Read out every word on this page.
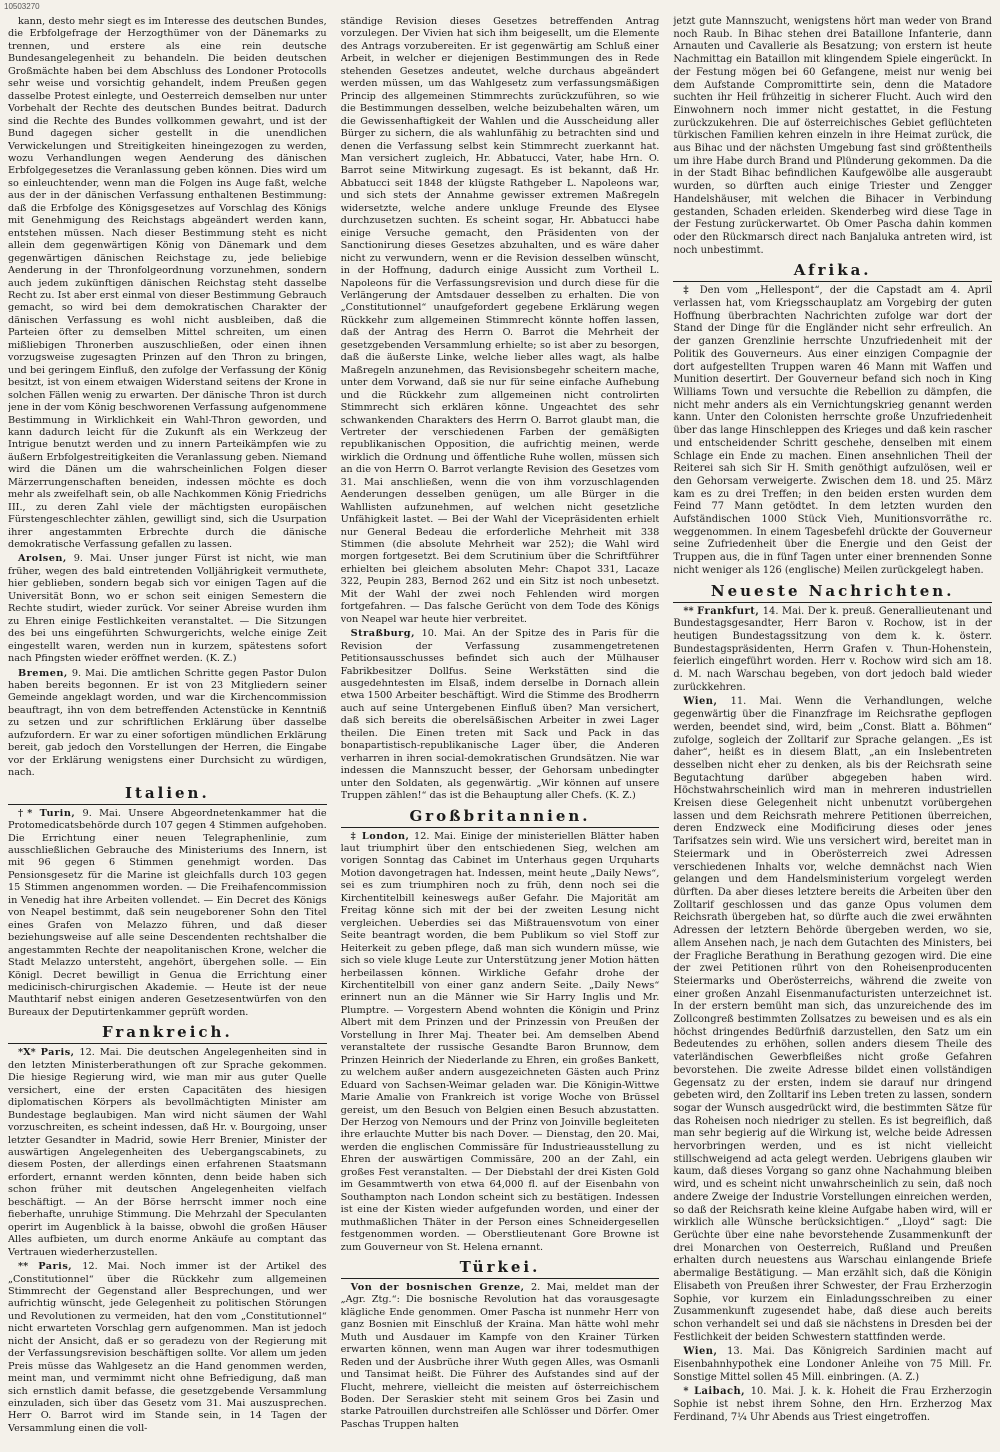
10503270

kann, desto mehr siegt es im Interesse des deutschen Bundes, die Erbfolgefrage der Herzogthümer von der Dänemarks zu trennen, und erstere als eine rein deutsche Bundesangelegenheit zu behandeln. Die beiden deutschen Großmächte haben bei dem Abschluss des Londoner Protocolls sehr weise und vorsichtig gehandelt, indem Preußen gegen dasselbe Protest einlegte, und Oesterreich demselben nur unter Vorbehalt der Rechte des deutschen Bundes beitrat. Dadurch sind die Rechte des Bundes vollkommen gewahrt, und ist der Bund dagegen sicher gestellt in die unendlichen Verwickelungen und Streitigkeiten hineingezogen zu werden, wozu Verhandlungen wegen Aenderung des dänischen Erbfolgegesetzes die Veranlassung geben können. Dies wird um so einleuchtender, wenn man die Folgen ins Auge faßt, welche aus der in der dänischen Verfassung enthaltenen Bestimmung: daß die Erbfolge des Königsgesetzes auf Vorschlag des Königs mit Genehmigung des Reichstags abgeändert werden kann, entstehen müssen. Nach dieser Bestimmung steht es nicht allein dem gegenwärtigen König von Dänemark und dem gegenwärtigen dänischen Reichstage zu, jede beliebige Aenderung in der Thronfolgeordnung vorzunehmen, sondern auch jedem zukünftigen dänischen Reichstag steht dasselbe Recht zu. Ist aber erst einmal von dieser Bestimmung Gebrauch gemacht, so wird bei dem demokratischen Charakter der dänischen Verfassung es wohl nicht ausbleiben, daß die Parteien öfter zu demselben Mittel schreiten, um einen mißliebigen Thronerben auszuschließen, oder einen ihnen vorzugsweise zugesagten Prinzen auf den Thron zu bringen, und bei geringem Einfluß, den zufolge der Verfassung der König besitzt, ist von einem etwaigen Widerstand seitens der Krone in solchen Fällen wenig zu erwarten. Der dänische Thron ist durch jene in der vom König beschworenen Verfassung aufgenommene Bestimmung in Wirklichkeit ein Wahl-Thron geworden, und kann dadurch leicht für die Zukunft als ein Werkzeug der Intrigue benutzt werden und zu innern Parteikämpfen wie zu äußern Erbfolgestreitigkeiten die Veranlassung geben. Niemand wird die Dänen um die wahrscheinlichen Folgen dieser Märzerrungenschaften beneiden, indessen möchte es doch mehr als zweifelhaft sein, ob alle Nachkommen König Friedrichs III., zu deren Zahl viele der mächtigsten europäischen Fürstengeschlechter zählen, gewilligt sind, sich die Usurpation ihrer angestammten Erbrechte durch die dänische demokratische Verfassung gefallen zu lassen.

Arolsen, 9. Mai. Unser junger Fürst ist nicht, wie man früher, wegen des bald eintretenden Volljährigkeit vermuthete, hier geblieben, sondern begab sich vor einigen Tagen auf die Universität Bonn, wo er schon seit einigen Semestern die Rechte studirt, wieder zurück. Vor seiner Abreise wurden ihm zu Ehren einige Festlichkeiten veranstaltet. — Die Sitzungen des bei uns eingeführten Schwurgerichts, welche einige Zeit eingestellt waren, werden nun in kurzem, spätestens sofort nach Pfingsten wieder eröffnet werden. (K. Z.)

Bremen, 9. Mai. Die amtlichen Schritte gegen Pastor Dulon haben bereits begonnen. Er ist von 23 Mitgliedern seiner Gemeinde angeklagt worden, und war die Kirchencommission beauftragt, ihn von dem betreffenden Actenstücke in Kenntniß zu setzen und zur schriftlichen Erklärung über dasselbe aufzufordern. Er war zu einer sofortigen mündlichen Erklärung bereit, gab jedoch den Vorstellungen der Herren, die Eingabe vor der Erklärung wenigstens einer Durchsicht zu würdigen, nach.

Italien.

†* Turin, 9. Mai. Unsere Abgeordnetenkammer hat die Protomedicatsbehörde durch 107 gegen 4 Stimmen aufgehoben. Die Errichtung einer neuen Telegraphenlinie, zum ausschließlichen Gebrauche des Ministeriums des Innern, ist mit 96 gegen 6 Stimmen genehmigt worden. Das Pensionsgesetz für die Marine ist gleichfalls durch 103 gegen 15 Stimmen angenommen worden. — Die Freihafencommission in Venedig hat ihre Arbeiten vollendet. — Ein Decret des Königs von Neapel bestimmt, daß sein neugeborener Sohn den Titel eines Grafen von Melazzo führen, und daß dieser beziehungsweise auf alle seine Descendenten rechtshalber die angestammten Rechte der neapolitanischen Krone, welcher die Stadt Melazzo untersteht, angehört, übergehen solle. — Ein Königl. Decret bewilligt in Genua die Errichtung einer medicinisch-chirurgischen Akademie. — Heute ist der neue Mauthtarif nebst einigen anderen Gesetzesentwürfen von den Bureaux der Deputirtenkammer geprüft worden.

Frankreich.

*X* Paris, 12. Mai. Die deutschen Angelegenheiten sind in den letzten Ministerberathungen oft zur Sprache gekommen. Die hiesige Regierung wird, wie man mir aus guter Quelle versichert, eine der ersten Capacitäten des hiesigen diplomatischen Körpers als bevollmächtigten Minister am Bundestage beglaubigen. Man wird nicht säumen der Wahl vorzuschreiten, es scheint indessen, daß Hr. v. Bourgoing, unser letzter Gesandter in Madrid, sowie Herr Brenier, Minister der auswärtigen Angelegenheiten des Uebergangscabinets, zu diesem Posten, der allerdings einen erfahrenen Staatsmann erfordert, ernannt werden könnten, denn beide haben sich schon früher mit deutschen Angelegenheiten vielfach beschäftigt. — An der Börse herrscht immer noch eine fieberhafte, unruhige Stimmung. Die Mehrzahl der Speculanten operirt im Augenblick à la baisse, obwohl die großen Häuser Alles aufbieten, um durch enorme Ankäufe au comptant das Vertrauen wiederherzustellen.

** Paris, 12. Mai. Noch immer ist der Artikel des „Constitutionnel“ über die Rückkehr zum allgemeinen Stimmrecht der Gegenstand aller Besprechungen, und wer aufrichtig wünscht, jede Gelegenheit zu politischen Störungen und Revolutionen zu vermeiden, hat den vom „Constitutionnel“ nicht erwarteten Vorschlag gern aufgenommen. Man ist jedoch nicht der Ansicht, daß er so geradezu von der Regierung mit der Verfassungsrevision beschäftigen sollte. Vor allem um jeden Preis müsse das Wahlgesetz an die Hand genommen werden, meint man, und vermimmt nicht ohne Befriedigung, daß man sich ernstlich damit befasse, die gesetzgebende Versammlung einzuladen, sich über das Gesetz vom 31. Mai auszusprechen. Herr O. Barrot wird im Stande sein, in 14 Tagen der Versammlung einen die voll-

ständige Revision dieses Gesetzes betreffenden Antrag vorzulegen. Der Vivien hat sich ihm beigesellt, um die Elemente des Antrags vorzubereiten. Er ist gegenwärtig am Schluß einer Arbeit, in welcher er diejenigen Bestimmungen des in Rede stehenden Gesetzes andeutet, welche durchaus abgeändert werden müssen, um das Wahlgesetz zum verfassungsmäßigen Princip des allgemeinen Stimmrechts zurückzuführen, so wie die Bestimmungen desselben, welche beizubehalten wären, um die Gewissenhaftigkeit der Wahlen und die Ausscheidung aller Bürger zu sichern, die als wahlunfähig zu betrachten sind und denen die Verfassung selbst kein Stimmrecht zuerkannt hat. Man versichert zugleich, Hr. Abbatucci, Vater, habe Hrn. O. Barrot seine Mitwirkung zugesagt. Es ist bekannt, daß Hr. Abbatucci seit 1848 der klügste Rathgeber L. Napoleons war, und sich stets der Annahme gewisser extremen Maßregeln widersetzte, welche andere unkluge Freunde des Elysee durchzusetzen suchten. Es scheint sogar, Hr. Abbatucci habe einige Versuche gemacht, den Präsidenten von der Sanctionirung dieses Gesetzes abzuhalten, und es wäre daher nicht zu verwundern, wenn er die Revision desselben wünscht, in der Hoffnung, dadurch einige Aussicht zum Vortheil L. Napoleons für die Verfassungsrevision und durch diese für die Verlängerung der Amtsdauer desselben zu erhalten. Die von „Constitutionnel“ unaufgefordert gegebene Erklärung wegen Rückkehr zum allgemeinen Stimmrecht könnte hoffen lassen, daß der Antrag des Herrn O. Barrot die Mehrheit der gesetzgebenden Versammlung erhielte; so ist aber zu besorgen, daß die äußerste Linke, welche lieber alles wagt, als halbe Maßregeln anzunehmen, das Revisionsbegehr scheitern mache, unter dem Vorwand, daß sie nur für seine einfache Aufhebung und die Rückkehr zum allgemeinen nicht controlirten Stimmrecht sich erklären könne. Ungeachtet des sehr schwankenden Charakters des Herrn O. Barrot glaubt man, die Vertreter der verschiedenen Farben der gemäßigten republikanischen Opposition, die aufrichtig meinen, werde wirklich die Ordnung und öffentliche Ruhe wollen, müssen sich an die von Herrn O. Barrot verlangte Revision des Gesetzes vom 31. Mai anschließen, wenn die von ihm vorzuschlagenden Aenderungen desselben genügen, um alle Bürger in die Wahllisten aufzunehmen, auf welchen nicht gesetzliche Unfähigkeit lastet. — Bei der Wahl der Vicepräsidenten erhielt nur General Bedeau die erforderliche Mehrheit mit 338 Stimmen (die absolute Mehrheit war 252); die Wahl wird morgen fortgesetzt. Bei dem Scrutinium über die Schriftführer erhielten bei gleichem absoluten Mehr: Chapot 331, Lacaze 322, Peupin 283, Bernod 262 und ein Sitz ist noch unbesetzt. Mit der Wahl der zwei noch Fehlenden wird morgen fortgefahren. — Das falsche Gerücht von dem Tode des Königs von Neapel war heute hier verbreitet.

Straßburg, 10. Mai. An der Spitze des in Paris für die Revision der Verfassung zusammengetretenen Petitionsausschusses befindet sich auch der Mülhauser Fabrikbesitzer Dollfus. Seine Werkstätten sind die ausgedehntesten im Elsaß, indem derselbe in Dornach allein etwa 1500 Arbeiter beschäftigt. Wird die Stimme des Brodherrn auch auf seine Untergebenen Einfluß üben? Man versichert, daß sich bereits die oberelsäßischen Arbeiter in zwei Lager theilen. Die Einen treten mit Sack und Pack in das bonapartistisch-republikanische Lager über, die Anderen verharren in ihren social-demokratischen Grundsätzen. Nie war indessen die Mannszucht besser, der Gehorsam unbedingter unter den Soldaten, als gegenwärtig. „Wir können auf unsere Truppen zählen!“ das ist die Behauptung aller Chefs. (K. Z.)

Großbritannien.

‡ London, 12. Mai. Einige der ministeriellen Blätter haben laut triumphirt über den entschiedenen Sieg, welchen am vorigen Sonntag das Cabinet im Unterhaus gegen Urquharts Motion davongetragen hat. Indessen, meint heute „Daily News“, sei es zum triumphiren noch zu früh, denn noch sei die Kirchentitelbill keineswegs außer Gefahr. Die Majorität am Freitag könne sich mit der bei der zweiten Lesung nicht vergleichen. Ueberdies sei das Mißtrauensvotum von einer Seite beantragt worden, die bem Publikum so viel Stoff zur Heiterkeit zu geben pflege, daß man sich wundern müsse, wie sich so viele kluge Leute zur Unterstützung jener Motion hätten herbeilassen können. Wirkliche Gefahr drohe der Kirchentitelbill von einer ganz andern Seite. „Daily News“ erinnert nun an die Männer wie Sir Harry Inglis und Mr. Plumptre. — Vorgestern Abend wohnten die Königin und Prinz Albert mit dem Prinzen und der Prinzessin von Preußen der Vorstellung in Ihrer Maj. Theater bei. Am demselben Abend veranstaltete der russische Gesandte Baron Brunnow, dem Prinzen Heinrich der Niederlande zu Ehren, ein großes Bankett, zu welchem außer andern ausgezeichneten Gästen auch Prinz Eduard von Sachsen-Weimar geladen war. Die Königin-Wittwe Marie Amalie von Frankreich ist vorige Woche von Brüssel gereist, um den Besuch von Belgien einen Besuch abzustatten. Der Herzog von Nemours und der Prinz von Joinville begleiteten ihre erlauchte Mutter bis nach Dover. — Dienstag, den 20. Mai, werden die englischen Commissäre für Industrieausstellung zu Ehren der auswärtigen Commissäre, 200 an der Zahl, ein großes Fest veranstalten. — Der Diebstahl der drei Kisten Gold im Gesammtwerth von etwa 64,000 fl. auf der Eisenbahn von Southampton nach London scheint sich zu bestätigen. Indessen ist eine der Kisten wieder aufgefunden worden, und einer der muthmaßlichen Thäter in der Person eines Schneidergesellen festgenommen worden. — Oberstlieutenant Gore Browne ist zum Gouverneur von St. Helena ernannt.

Türkei.

Von der bosnischen Grenze, 2. Mai, meldet man der „Agr. Ztg.“: Die bosnische Revolution hat das vorausgesagte klägliche Ende genommen. Omer Pascha ist nunmehr Herr von ganz Bosnien mit Einschluß der Kraina. Man hätte wohl mehr Muth und Ausdauer im Kampfe von den Krainer Türken erwarten können, wenn man Augen war ihrer todesmuthigen Reden und der Ausbrüche ihrer Wuth gegen Alles, was Osmanli und Tansimat heißt. Die Führer des Aufstandes sind auf der Flucht, mehrere, vielleicht die meisten auf österreichischem Boden. Der Seraskier steht mit seinem Gros bei Zasin und starke Patrouillen durchstreifen alle Schlösser und Dörfer. Omer Paschas Truppen halten

jetzt gute Mannszucht, wenigstens hört man weder von Brand noch Raub. In Bihac stehen drei Bataillone Infanterie, dann Arnauten und Cavallerie als Besatzung; von erstern ist heute Nachmittag ein Bataillon mit klingendem Spiele eingerückt. In der Festung mögen bei 60 Gefangene, meist nur wenig bei dem Aufstande Compromittirte sein, denn die Matadore suchten ihr Heil frühzeitig in sicherer Flucht. Auch wird den Einwohnern noch immer nicht gestattet, in die Festung zurückzukehren. Die auf österreichisches Gebiet geflüchteten türkischen Familien kehren einzeln in ihre Heimat zurück, die aus Bihac und der nächsten Umgebung fast sind größtentheils um ihre Habe durch Brand und Plünderung gekommen. Da die in der Stadt Bihac befindlichen Kaufgewölbe alle ausgeraubt wurden, so dürften auch einige Triester und Zengger Handelshäuser, mit welchen die Bihacer in Verbindung gestanden, Schaden erleiden. Skenderbeg wird diese Tage in der Festung zurückerwartet. Ob Omer Pascha dahin kommen oder den Rückmarsch direct nach Banjaluka antreten wird, ist noch unbestimmt.

Afrika.

‡ Den vom „Hellespont“, der die Capstadt am 4. April verlassen hat, vom Kriegsschauplatz am Vorgebirg der guten Hoffnung überbrachten Nachrichten zufolge war dort der Stand der Dinge für die Engländer nicht sehr erfreulich. An der ganzen Grenzlinie herrschte Unzufriedenheit mit der Politik des Gouverneurs. Aus einer einzigen Compagnie der dort aufgestellten Truppen waren 46 Mann mit Waffen und Munition desertirt. Der Gouverneur befand sich noch in King Williams Town und versuchte die Rebellion zu dämpfen, die nicht mehr anders als ein Vernichtungskrieg genannt werden kann. Unter den Colonisten herrschte große Unzufriedenheit über das lange Hinschleppen des Krieges und daß kein rascher und entscheidender Schritt geschehe, denselben mit einem Schlage ein Ende zu machen. Einen ansehnlichen Theil der Reiterei sah sich Sir H. Smith genöthigt aufzulösen, weil er den Gehorsam verweigerte. Zwischen dem 18. und 25. März kam es zu drei Treffen; in den beiden ersten wurden dem Feind 77 Mann getödtet. In dem letzten wurden den Aufständischen 1000 Stück Vieh, Munitionsvorräthe rc. weggenommen. In einem Tagesbefehl drückte der Gouverneur seine Zufriedenheit über die Energie und den Geist der Truppen aus, die in fünf Tagen unter einer brennenden Sonne nicht weniger als 126 (englische) Meilen zurückgelegt haben.

Neueste Nachrichten.

** Frankfurt, 14. Mai. Der k. preuß. Generallieutenant und Bundestagsgesandter, Herr Baron v. Rochow, ist in der heutigen Bundestagssitzung von dem k. k. österr. Bundestagspräsidenten, Herrn Grafen v. Thun-Hohenstein, feierlich eingeführt worden. Herr v. Rochow wird sich am 18. d. M. nach Warschau begeben, von dort jedoch bald wieder zurückkehren.

Wien, 11. Mai. Wenn die Verhandlungen, welche gegenwärtig über die Finanzfrage im Reichsrathe gepflogen werden, beendet sind, wird, beim „Const. Blatt a. Böhmen“ zufolge, sogleich der Zolltarif zur Sprache gelangen. „Es ist daher“, heißt es in diesem Blatt, „an ein Inslebentreten desselben nicht eher zu denken, als bis der Reichsrath seine Begutachtung darüber abgegeben haben wird. Höchstwahrscheinlich wird man in mehreren industriellen Kreisen diese Gelegenheit nicht unbenutzt vorübergehen lassen und dem Reichsrath mehrere Petitionen überreichen, deren Endzweck eine Modificirung dieses oder jenes Tarifsatzes sein wird. Wie uns versichert wird, bereitet man in Steiermark und in Oberösterreich zwei Adressen verschiedenen Inhalts vor, welche demnächst nach Wien gelangen und dem Handelsministerium vorgelegt werden dürften. Da aber dieses letztere bereits die Arbeiten über den Zolltarif geschlossen und das ganze Opus volumen dem Reichsrath übergeben hat, so dürfte auch die zwei erwähnten Adressen der letztern Behörde übergeben werden, wo sie, allem Ansehen nach, je nach dem Gutachten des Ministers, bei der Fragliche Berathung in Berathung gezogen wird. Die eine der zwei Petitionen rührt von den Roheisenproducenten Steiermarks und Oberösterreichs, während die zweite von einer großen Anzahl Eisenmanufacturisten unterzeichnet ist. In der erstern bemüht man sich, das unzureichende des im Zollcongreß bestimmten Zollsatzes zu beweisen und es als ein höchst dringendes Bedürfniß darzustellen, den Satz um ein Bedeutendes zu erhöhen, sollen anders diesem Theile des vaterländischen Gewerbfleißes nicht große Gefahren bevorstehen. Die zweite Adresse bildet einen vollständigen Gegensatz zu der ersten, indem sie darauf nur dringend gebeten wird, den Zolltarif ins Leben treten zu lassen, sondern sogar der Wunsch ausgedrückt wird, die bestimmten Sätze für das Roheisen noch niedriger zu stellen. Es ist begreiflich, daß man sehr begierig auf die Wirkung ist, welche beide Adressen hervorbringen werden, und es ist nicht vielleicht stillschweigend ad acta gelegt werden. Uebrigens glauben wir kaum, daß dieses Vorgang so ganz ohne Nachahmung bleiben wird, und es scheint nicht unwahrscheinlich zu sein, daß noch andere Zweige der Industrie Vorstellungen einreichen werden, so daß der Reichsrath keine kleine Aufgabe haben wird, will er wirklich alle Wünsche berücksichtigen.“ „Lloyd“ sagt: Die Gerüchte über eine nahe bevorstehende Zusammenkunft der drei Monarchen von Oesterreich, Rußland und Preußen erhalten durch neuestens aus Warschau einlangende Briefe abermalige Bestätigung. — Man erzählt sich, daß die Königin Elisabeth von Preußen ihrer Schwester, der Frau Erzherzogin Sophie, vor kurzem ein Einladungsschreiben zu einer Zusammenkunft zugesendet habe, daß diese auch bereits schon verhandelt sei und daß sie nächstens in Dresden bei der Festlichkeit der beiden Schwestern stattfinden werde.

Wien, 13. Mai. Das Königreich Sardinien macht auf Eisenbahnhypothek eine Londoner Anleihe von 75 Mill. Fr. Sonstige Mittel sollen 45 Mill. einbringen. (A. Z.)

* Laibach, 10. Mai. J. k. k. Hoheit die Frau Erzherzogin Sophie ist nebst ihrem Sohne, den Hrn. Erzherzog Max Ferdinand, 7¼ Uhr Abends aus Triest eingetroffen.
